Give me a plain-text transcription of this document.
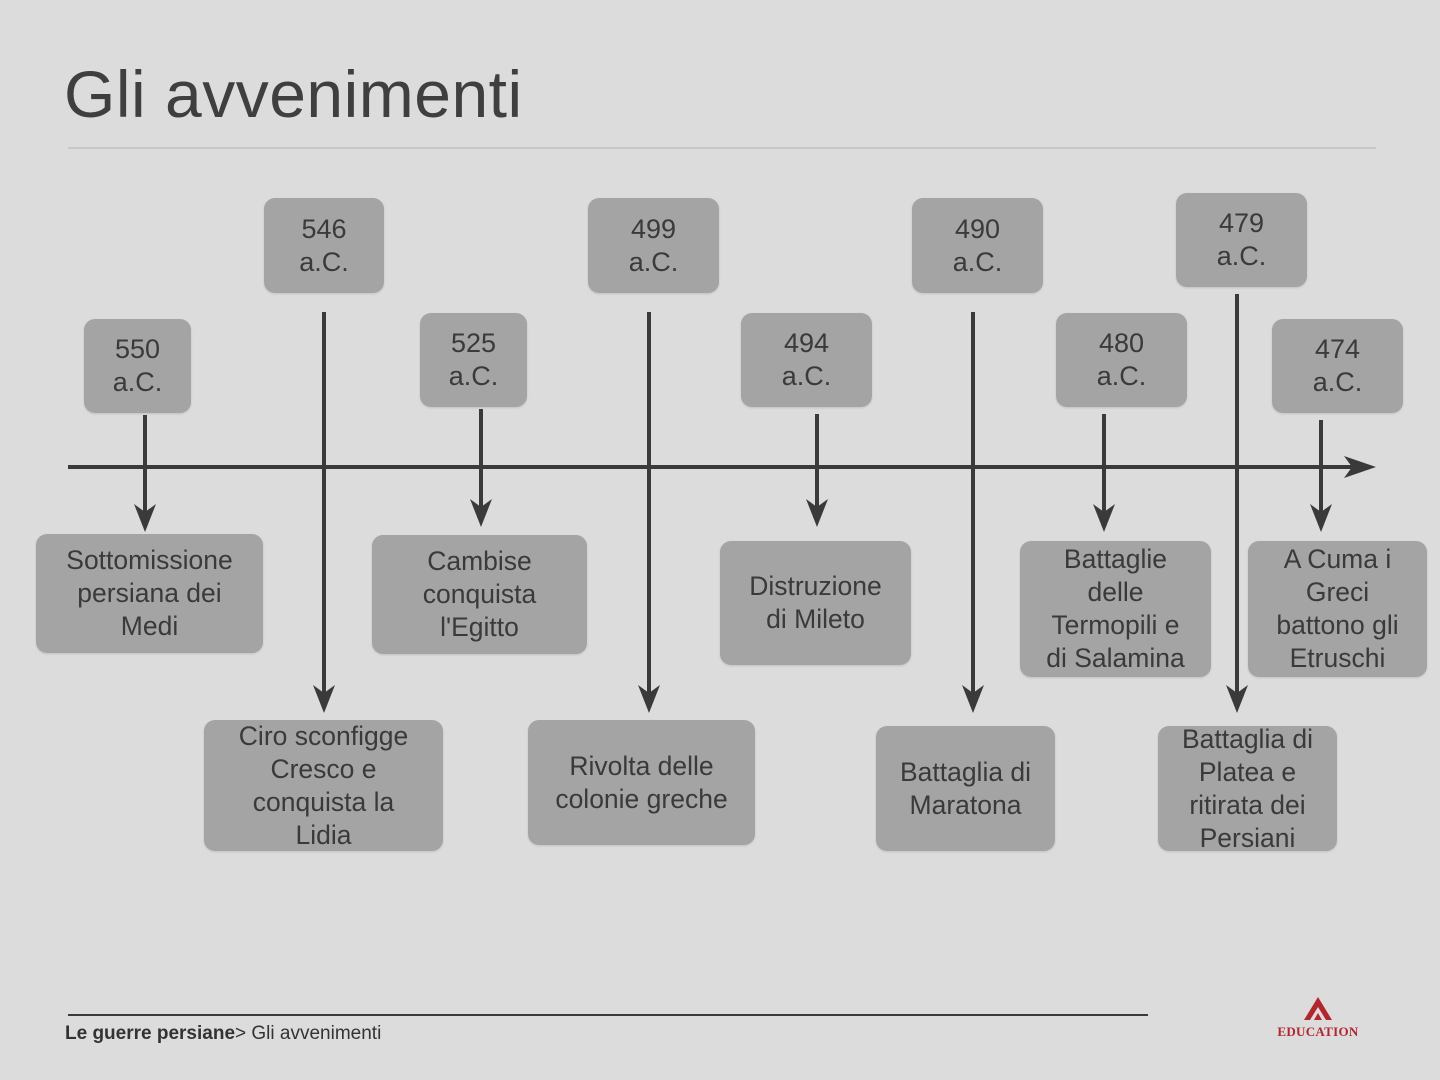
Gli avvenimenti
550
a.C.
546
a.C.
525
a.C.
499
a.C.
494
a.C.
490
a.C.
480
a.C.
479
a.C.
474
a.C.
Sottomissione
persiana dei
Medi
Ciro sconfigge
Cresco e
conquista la
Lidia
Cambise
conquista
l'Egitto
Rivolta delle
colonie greche
Distruzione
di Mileto
Battaglia di
Maratona
Battaglie
delle
Termopili e
di Salamina
Battaglia di
Platea e
ritirata dei
Persiani
A Cuma i
Greci
battono gli
Etruschi
Le guerre persiane> Gli avvenimenti	EDUCATION
